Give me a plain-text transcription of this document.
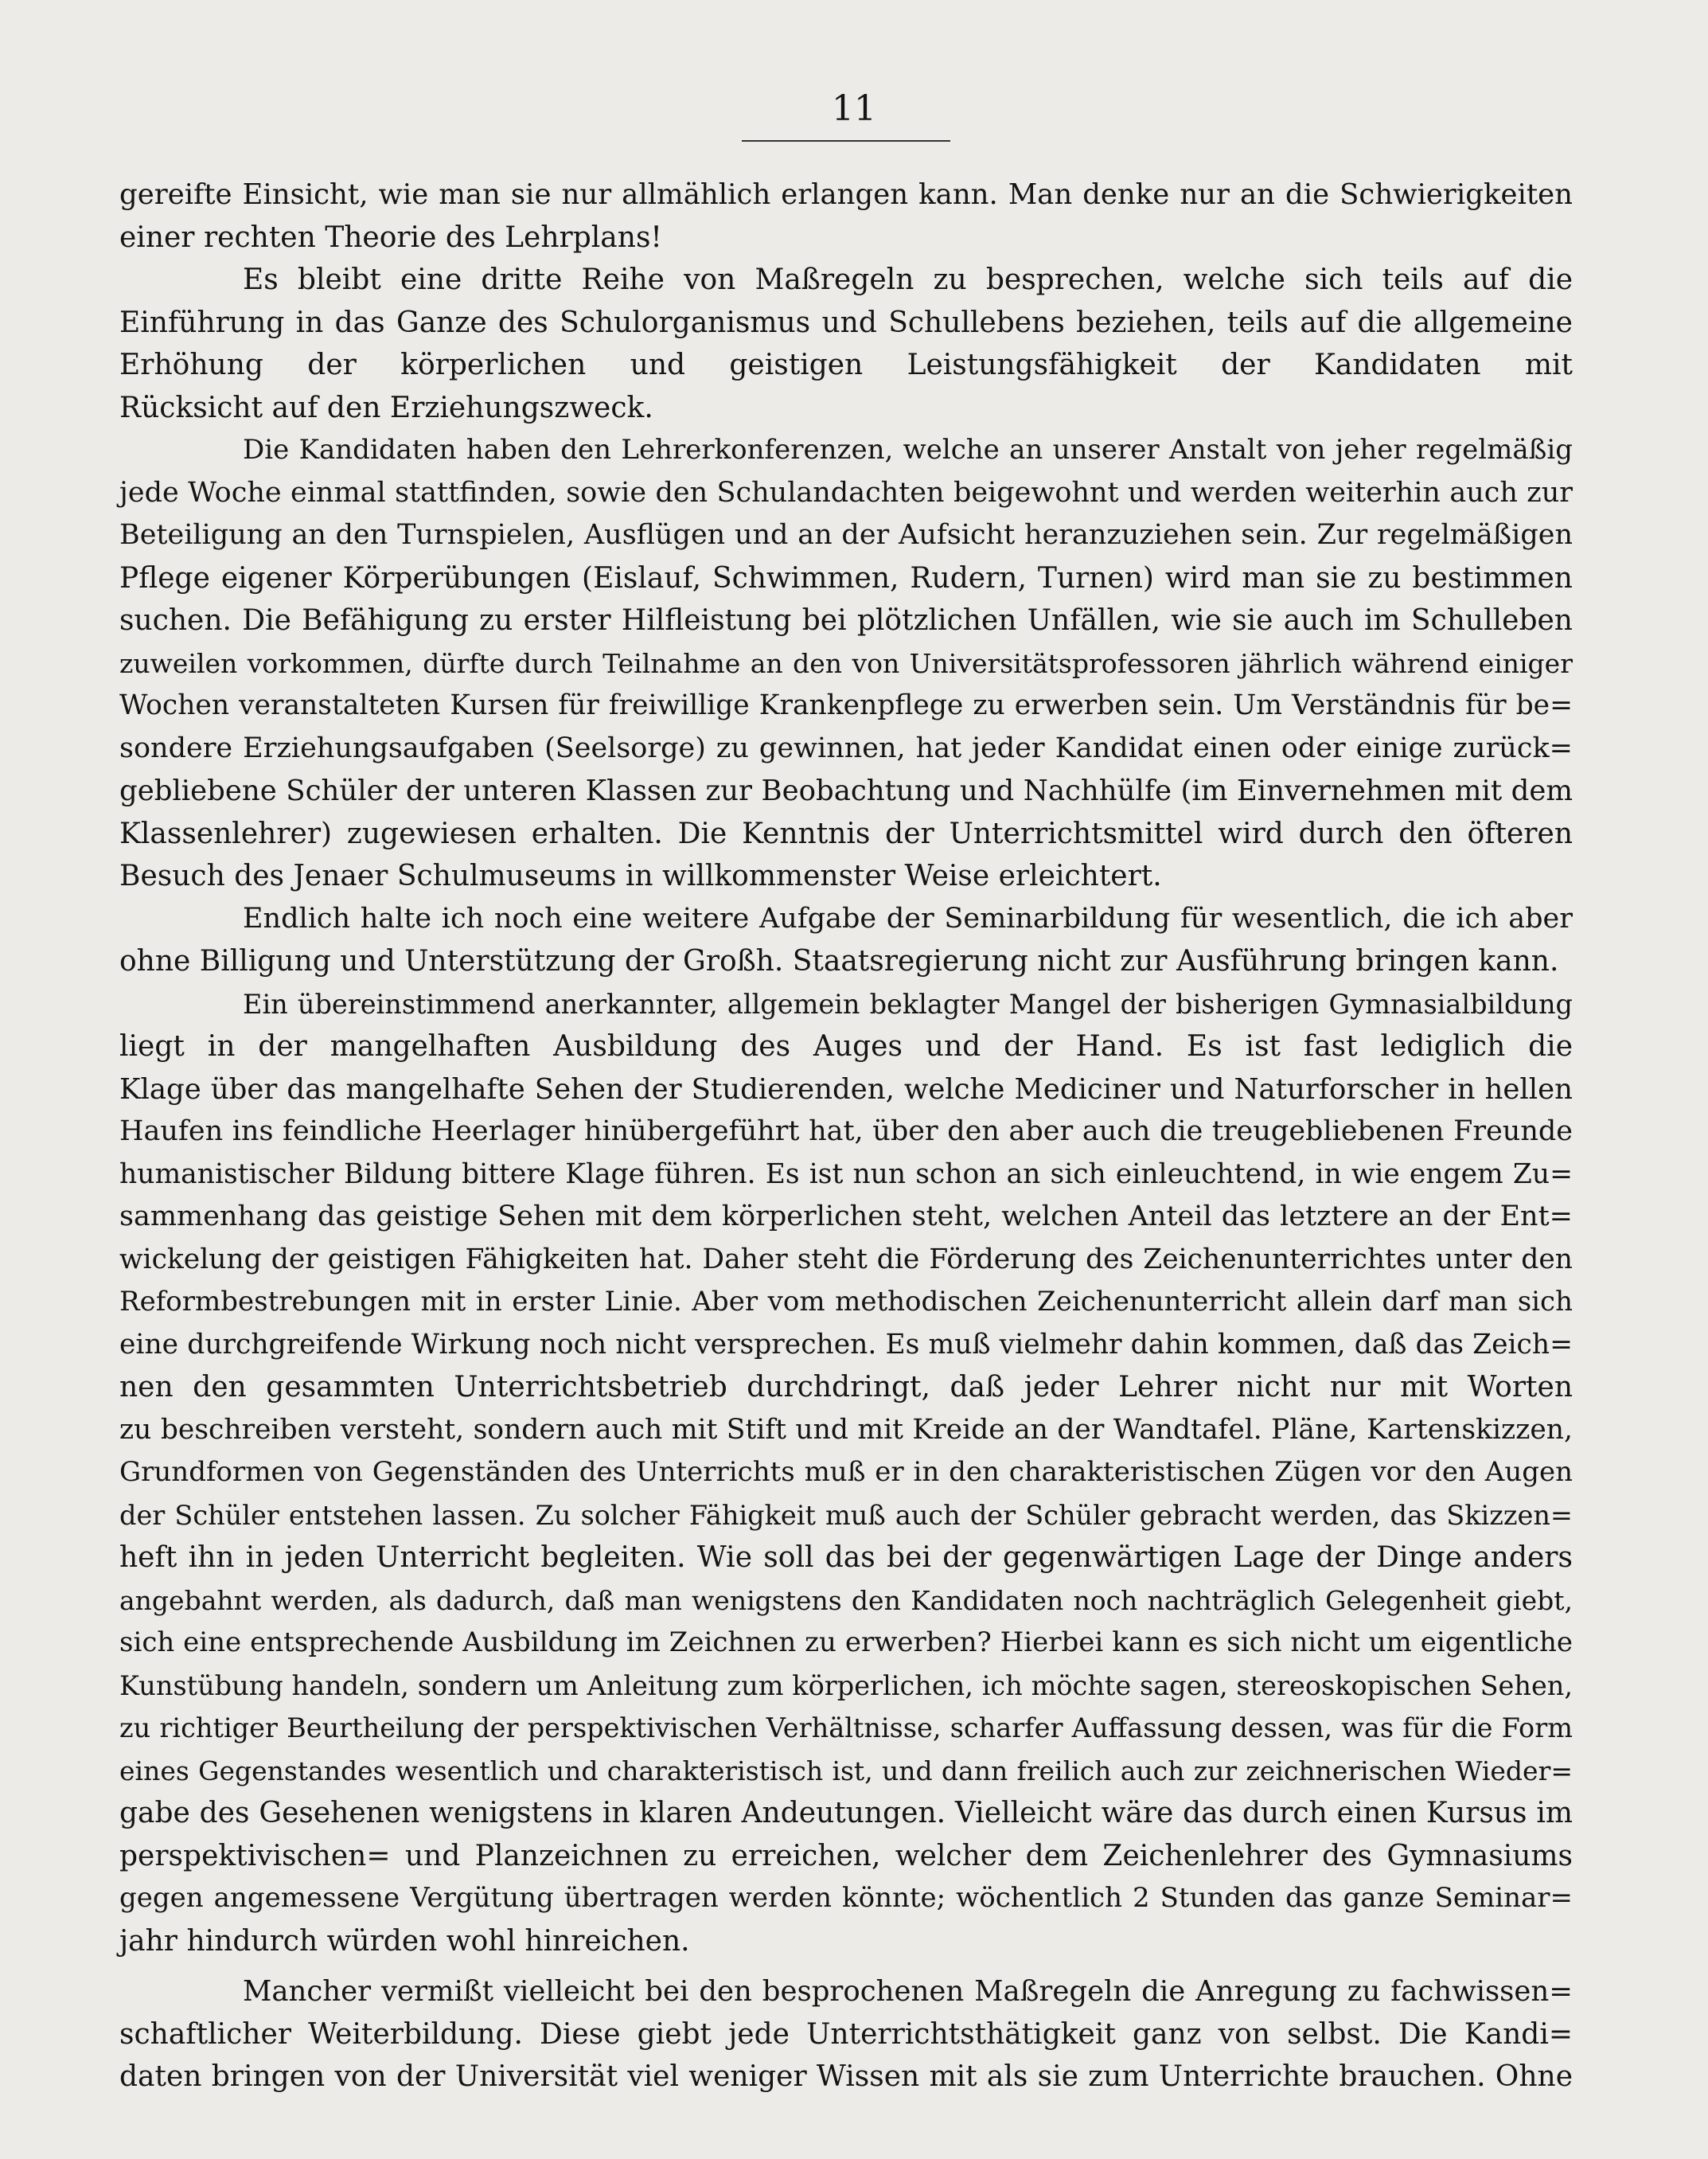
11
gereifte Einsicht, wie man sie nur allmählich erlangen kann. Man denke nur an die Schwierigkeiten
einer rechten Theorie des Lehrplans!
Es bleibt eine dritte Reihe von Maßregeln zu besprechen, welche sich teils auf die
Einführung in das Ganze des Schulorganismus und Schullebens beziehen, teils auf die allgemeine
Erhöhung der körperlichen und geistigen Leistungsfähigkeit der Kandidaten mit
Rücksicht auf den Erziehungszweck.
Die Kandidaten haben den Lehrerkonferenzen, welche an unserer Anstalt von jeher regelmäßig
jede Woche einmal stattfinden, sowie den Schulandachten beigewohnt und werden weiterhin auch zur
Beteiligung an den Turnspielen, Ausflügen und an der Aufsicht heranzuziehen sein. Zur regelmäßigen
Pflege eigener Körperübungen (Eislauf, Schwimmen, Rudern, Turnen) wird man sie zu bestimmen
suchen. Die Befähigung zu erster Hilfleistung bei plötzlichen Unfällen, wie sie auch im Schulleben
zuweilen vorkommen, dürfte durch Teilnahme an den von Universitätsprofessoren jährlich während einiger
Wochen veranstalteten Kursen für freiwillige Krankenpflege zu erwerben sein. Um Verständnis für be=
sondere Erziehungsaufgaben (Seelsorge) zu gewinnen, hat jeder Kandidat einen oder einige zurück=
gebliebene Schüler der unteren Klassen zur Beobachtung und Nachhülfe (im Einvernehmen mit dem
Klassenlehrer) zugewiesen erhalten. Die Kenntnis der Unterrichtsmittel wird durch den öfteren
Besuch des Jenaer Schulmuseums in willkommenster Weise erleichtert.
Endlich halte ich noch eine weitere Aufgabe der Seminarbildung für wesentlich, die ich aber
ohne Billigung und Unterstützung der Großh. Staatsregierung nicht zur Ausführung bringen kann.
Ein übereinstimmend anerkannter, allgemein beklagter Mangel der bisherigen Gymnasialbildung
liegt in der mangelhaften Ausbildung des Auges und der Hand. Es ist fast lediglich die
Klage über das mangelhafte Sehen der Studierenden, welche Mediciner und Naturforscher in hellen
Haufen ins feindliche Heerlager hinübergeführt hat, über den aber auch die treugebliebenen Freunde
humanistischer Bildung bittere Klage führen. Es ist nun schon an sich einleuchtend, in wie engem Zu=
sammenhang das geistige Sehen mit dem körperlichen steht, welchen Anteil das letztere an der Ent=
wickelung der geistigen Fähigkeiten hat. Daher steht die Förderung des Zeichenunterrichtes unter den
Reformbestrebungen mit in erster Linie. Aber vom methodischen Zeichenunterricht allein darf man sich
eine durchgreifende Wirkung noch nicht versprechen. Es muß vielmehr dahin kommen, daß das Zeich=
nen den gesammten Unterrichtsbetrieb durchdringt, daß jeder Lehrer nicht nur mit Worten
zu beschreiben versteht, sondern auch mit Stift und mit Kreide an der Wandtafel. Pläne, Kartenskizzen,
Grundformen von Gegenständen des Unterrichts muß er in den charakteristischen Zügen vor den Augen
der Schüler entstehen lassen. Zu solcher Fähigkeit muß auch der Schüler gebracht werden, das Skizzen=
heft ihn in jeden Unterricht begleiten. Wie soll das bei der gegenwärtigen Lage der Dinge anders
angebahnt werden, als dadurch, daß man wenigstens den Kandidaten noch nachträglich Gelegenheit giebt,
sich eine entsprechende Ausbildung im Zeichnen zu erwerben? Hierbei kann es sich nicht um eigentliche
Kunstübung handeln, sondern um Anleitung zum körperlichen, ich möchte sagen, stereoskopischen Sehen,
zu richtiger Beurtheilung der perspektivischen Verhältnisse, scharfer Auffassung dessen, was für die Form
eines Gegenstandes wesentlich und charakteristisch ist, und dann freilich auch zur zeichnerischen Wieder=
gabe des Gesehenen wenigstens in klaren Andeutungen. Vielleicht wäre das durch einen Kursus im
perspektivischen= und Planzeichnen zu erreichen, welcher dem Zeichenlehrer des Gymnasiums
gegen angemessene Vergütung übertragen werden könnte; wöchentlich 2 Stunden das ganze Seminar=
jahr hindurch würden wohl hinreichen.
Mancher vermißt vielleicht bei den besprochenen Maßregeln die Anregung zu fachwissen=
schaftlicher Weiterbildung. Diese giebt jede Unterrichtsthätigkeit ganz von selbst. Die Kandi=
daten bringen von der Universität viel weniger Wissen mit als sie zum Unterrichte brauchen. Ohne
